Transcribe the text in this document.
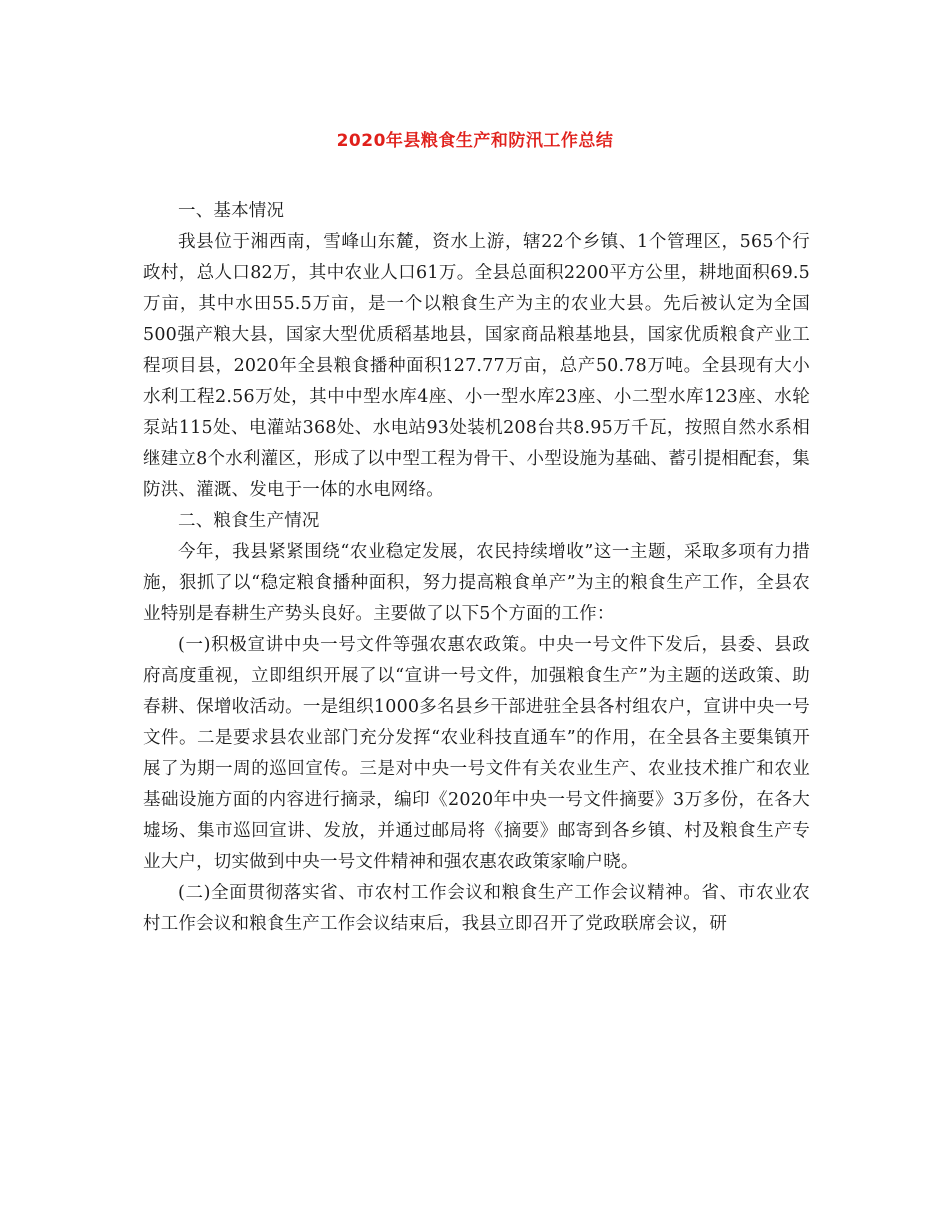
2020年县粮食生产和防汛工作总结

一、基本情况

我县位于湘西南，雪峰山东麓，资水上游，辖22个乡镇、1个管理区，565个行政村，总人口82万，其中农业人口61万。全县总面积2200平方公里，耕地面积69.5万亩，其中水田55.5万亩，是一个以粮食生产为主的农业大县。先后被认定为全国500强产粮大县，国家大型优质稻基地县，国家商品粮基地县，国家优质粮食产业工程项目县，2020年全县粮食播种面积127.77万亩，总产50.78万吨。全县现有大小水利工程2.56万处，其中中型水库4座、小一型水库23座、小二型水库123座、水轮泵站115处、电灌站368处、水电站93处装机208台共8.95万千瓦，按照自然水系相继建立8个水利灌区，形成了以中型工程为骨干、小型设施为基础、蓄引提相配套，集防洪、灌溉、发电于一体的水电网络。

二、粮食生产情况

今年，我县紧紧围绕“农业稳定发展，农民持续增收”这一主题，采取多项有力措施，狠抓了以“稳定粮食播种面积，努力提高粮食单产”为主的粮食生产工作，全县农业特别是春耕生产势头良好。主要做了以下5个方面的工作：

(一)积极宣讲中央一号文件等强农惠农政策。中央一号文件下发后，县委、县政府高度重视，立即组织开展了以“宣讲一号文件，加强粮食生产”为主题的送政策、助春耕、保增收活动。一是组织1000多名县乡干部进驻全县各村组农户，宣讲中央一号文件。二是要求县农业部门充分发挥“农业科技直通车”的作用，在全县各主要集镇开展了为期一周的巡回宣传。三是对中央一号文件有关农业生产、农业技术推广和农业基础设施方面的内容进行摘录，编印《2020年中央一号文件摘要》3万多份，在各大墟场、集市巡回宣讲、发放，并通过邮局将《摘要》邮寄到各乡镇、村及粮食生产专业大户，切实做到中央一号文件精神和强农惠农政策家喻户晓。

(二)全面贯彻落实省、市农村工作会议和粮食生产工作会议精神。省、市农业农村工作会议和粮食生产工作会议结束后，我县立即召开了党政联席会议，研
